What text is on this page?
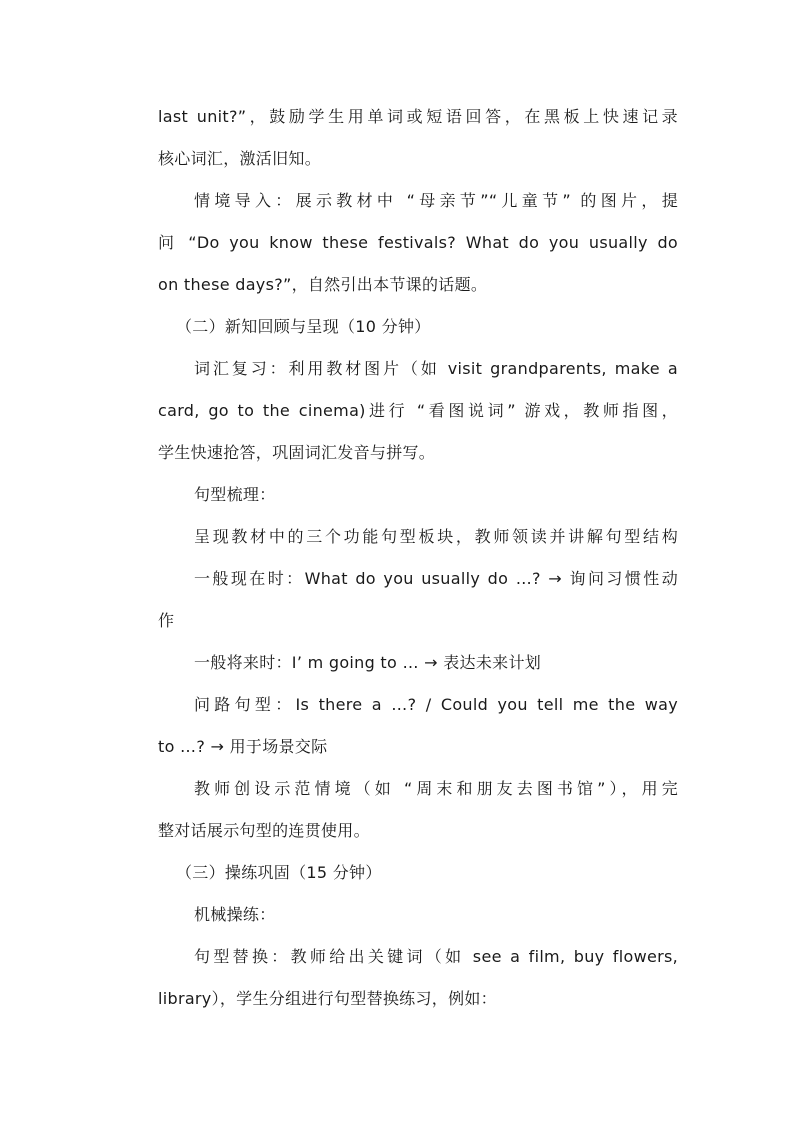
last unit?”，鼓励学生用单词或短语回答，在黑板上快速记录
核心词汇，激活旧知。
情境导入：展示教材中 “母亲节”“儿童节” 的图片，提
问 “Do you know these festivals? What do you usually do
on these days?”，自然引出本节课的话题。
（二）新知回顾与呈现（10 分钟）
词汇复习：利用教材图片（如 visit grandparents, make a
card, go to the cinema)进行 “看图说词” 游戏，教师指图，
学生快速抢答，巩固词汇发音与拼写。
句型梳理：
呈现教材中的三个功能句型板块，教师领读并讲解句型结构
一般现在时：What do you usually do …? → 询问习惯性动
作
一般将来时：I’ m going to … → 表达未来计划
问路句型：Is there a …? / Could you tell me the way
to …? → 用于场景交际
教师创设示范情境（如 “周末和朋友去图书馆”），用完
整对话展示句型的连贯使用。
（三）操练巩固（15 分钟）
机械操练：
句型替换：教师给出关键词（如 see a film, buy flowers,
library），学生分组进行句型替换练习，例如：
